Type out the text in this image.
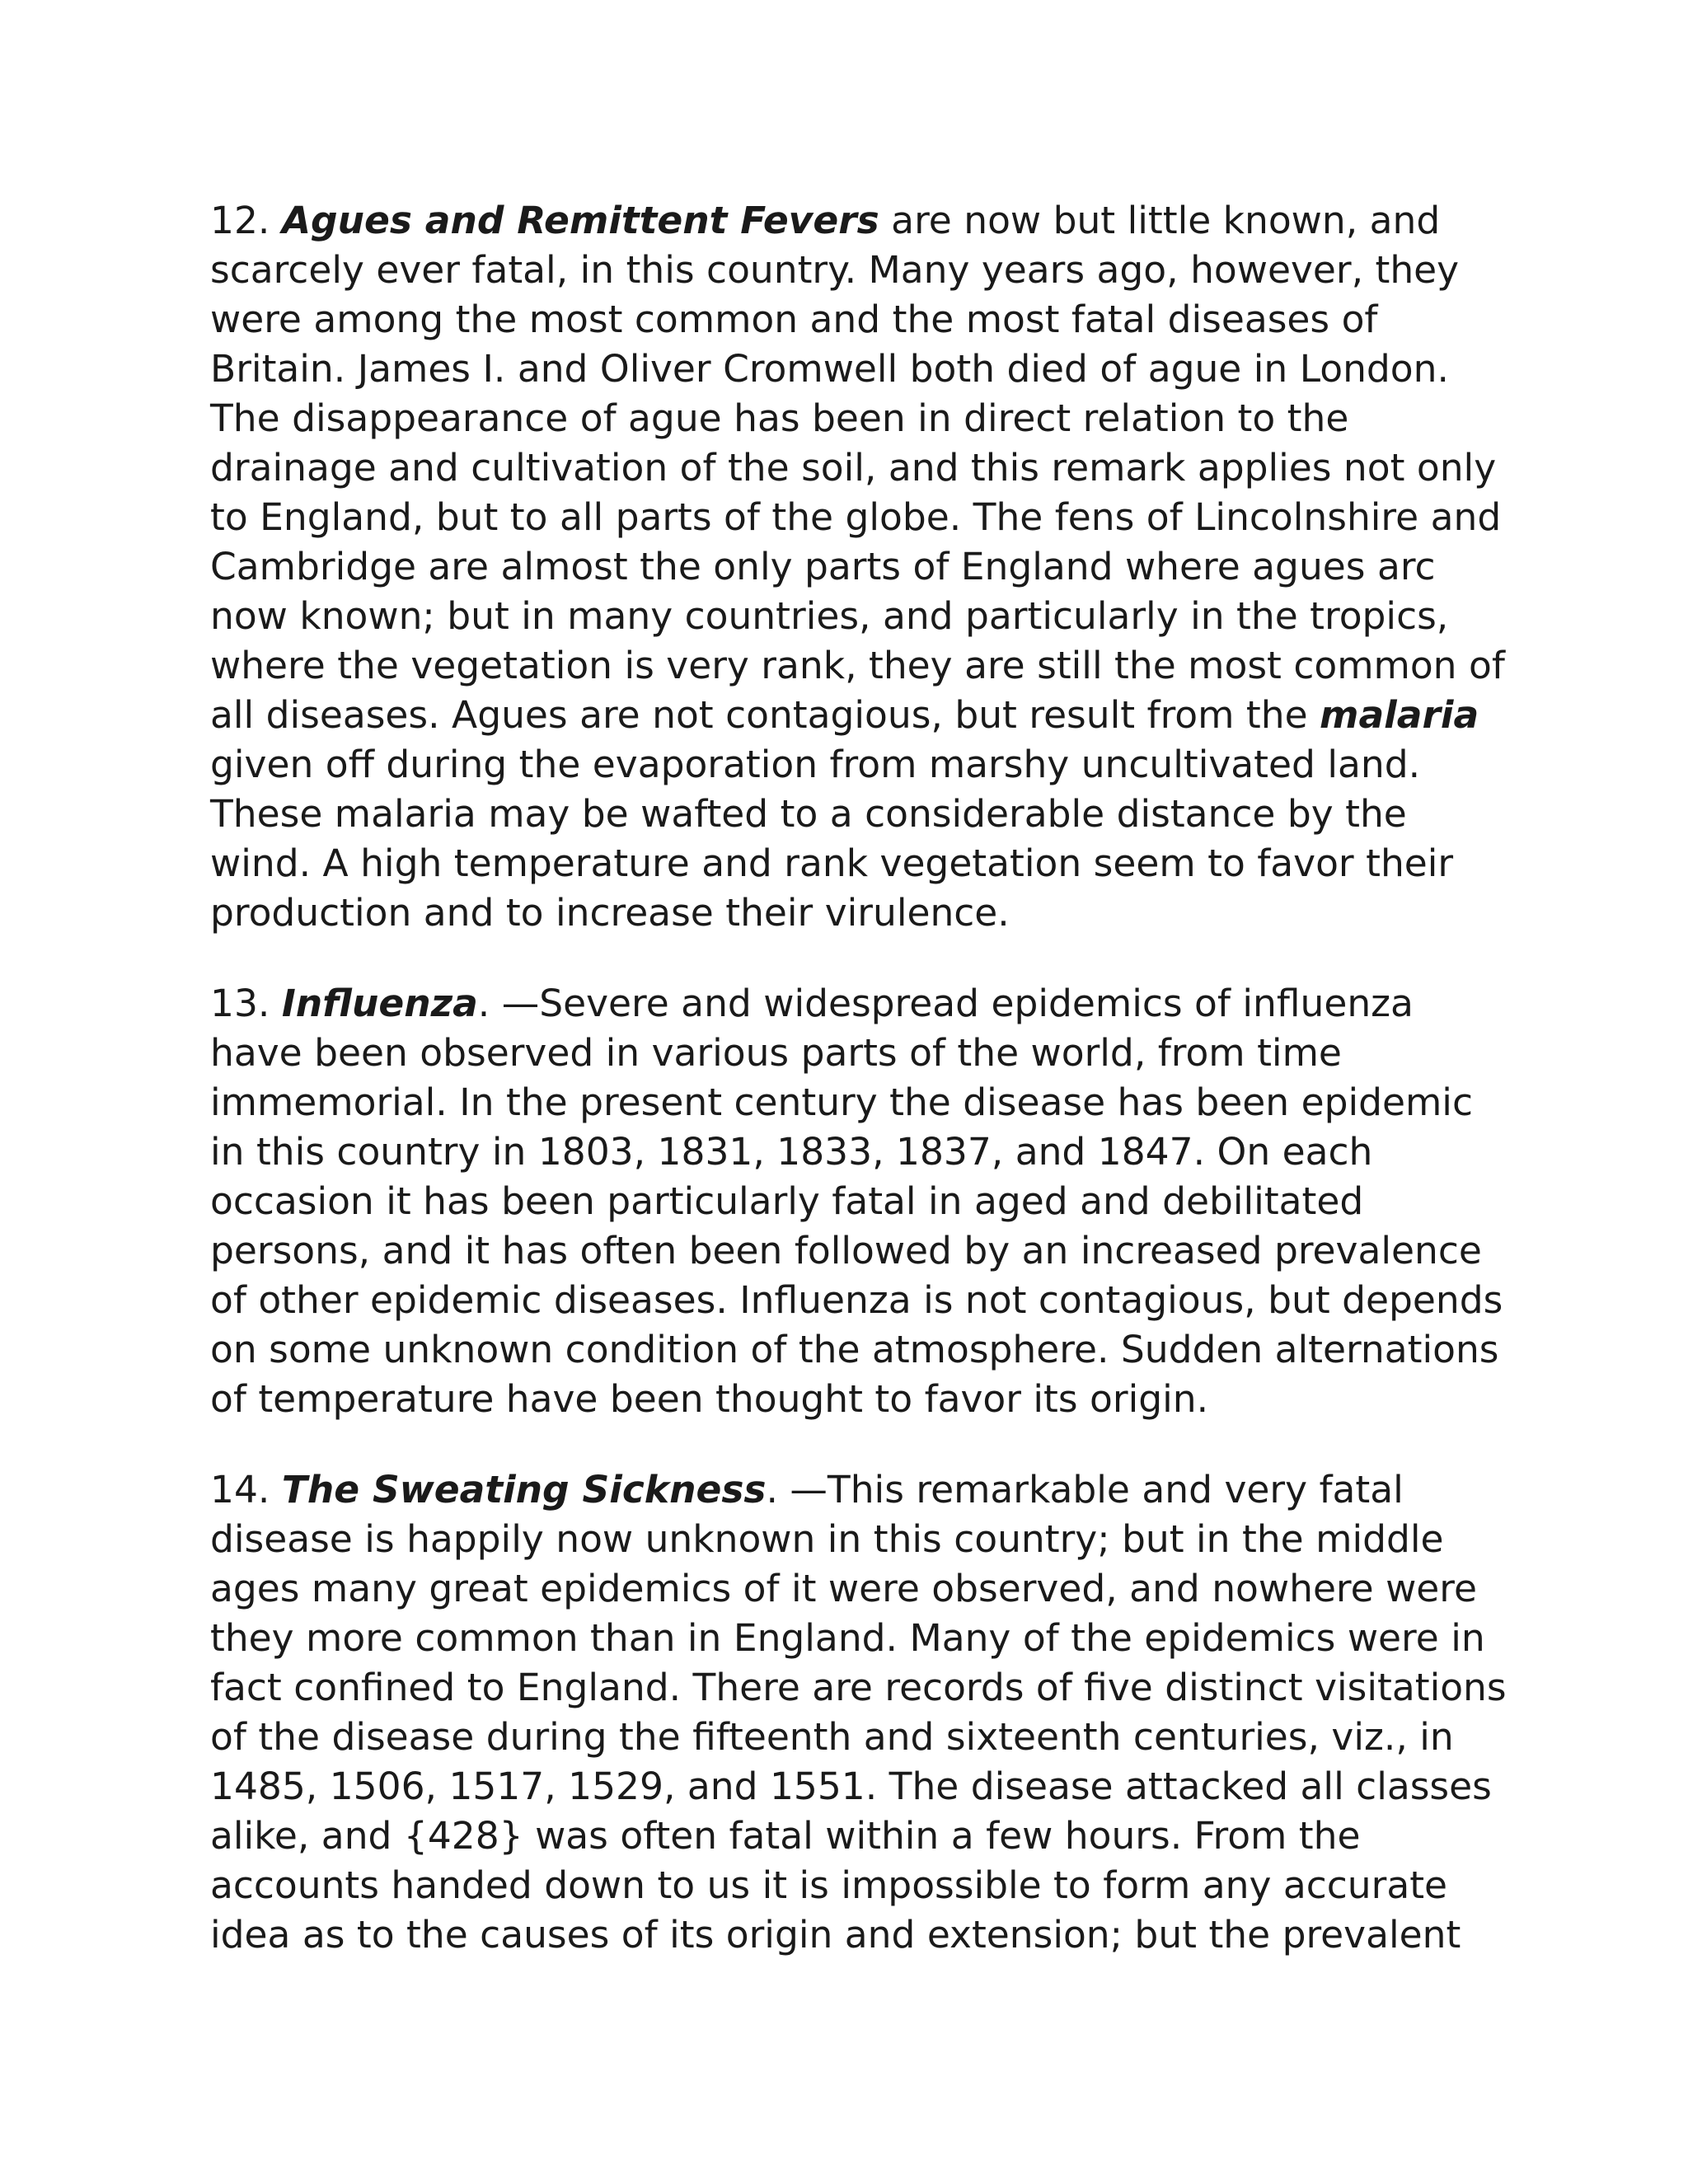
12. Agues and Remittent Fevers are now but little known, and
scarcely ever fatal, in this country. Many years ago, however, they
were among the most common and the most fatal diseases of
Britain. James I. and Oliver Cromwell both died of ague in London.
The disappearance of ague has been in direct relation to the
drainage and cultivation of the soil, and this remark applies not only
to England, but to all parts of the globe. The fens of Lincolnshire and
Cambridge are almost the only parts of England where agues arc
now known; but in many countries, and particularly in the tropics,
where the vegetation is very rank, they are still the most common of
all diseases. Agues are not contagious, but result from the malaria
given off during the evaporation from marshy uncultivated land.
These malaria may be wafted to a considerable distance by the
wind. A high temperature and rank vegetation seem to favor their
production and to increase their virulence.

13. Influenza. —Severe and widespread epidemics of influenza
have been observed in various parts of the world, from time
immemorial. In the present century the disease has been epidemic
in this country in 1803, 1831, 1833, 1837, and 1847. On each
occasion it has been particularly fatal in aged and debilitated
persons, and it has often been followed by an increased prevalence
of other epidemic diseases. Influenza is not contagious, but depends
on some unknown condition of the atmosphere. Sudden alternations
of temperature have been thought to favor its origin.

14. The Sweating Sickness. —This remarkable and very fatal
disease is happily now unknown in this country; but in the middle
ages many great epidemics of it were observed, and nowhere were
they more common than in England. Many of the epidemics were in
fact confined to England. There are records of five distinct visitations
of the disease during the fifteenth and sixteenth centuries, viz., in
1485, 1506, 1517, 1529, and 1551. The disease attacked all classes
alike, and {428} was often fatal within a few hours. From the
accounts handed down to us it is impossible to form any accurate
idea as to the causes of its origin and extension; but the prevalent
